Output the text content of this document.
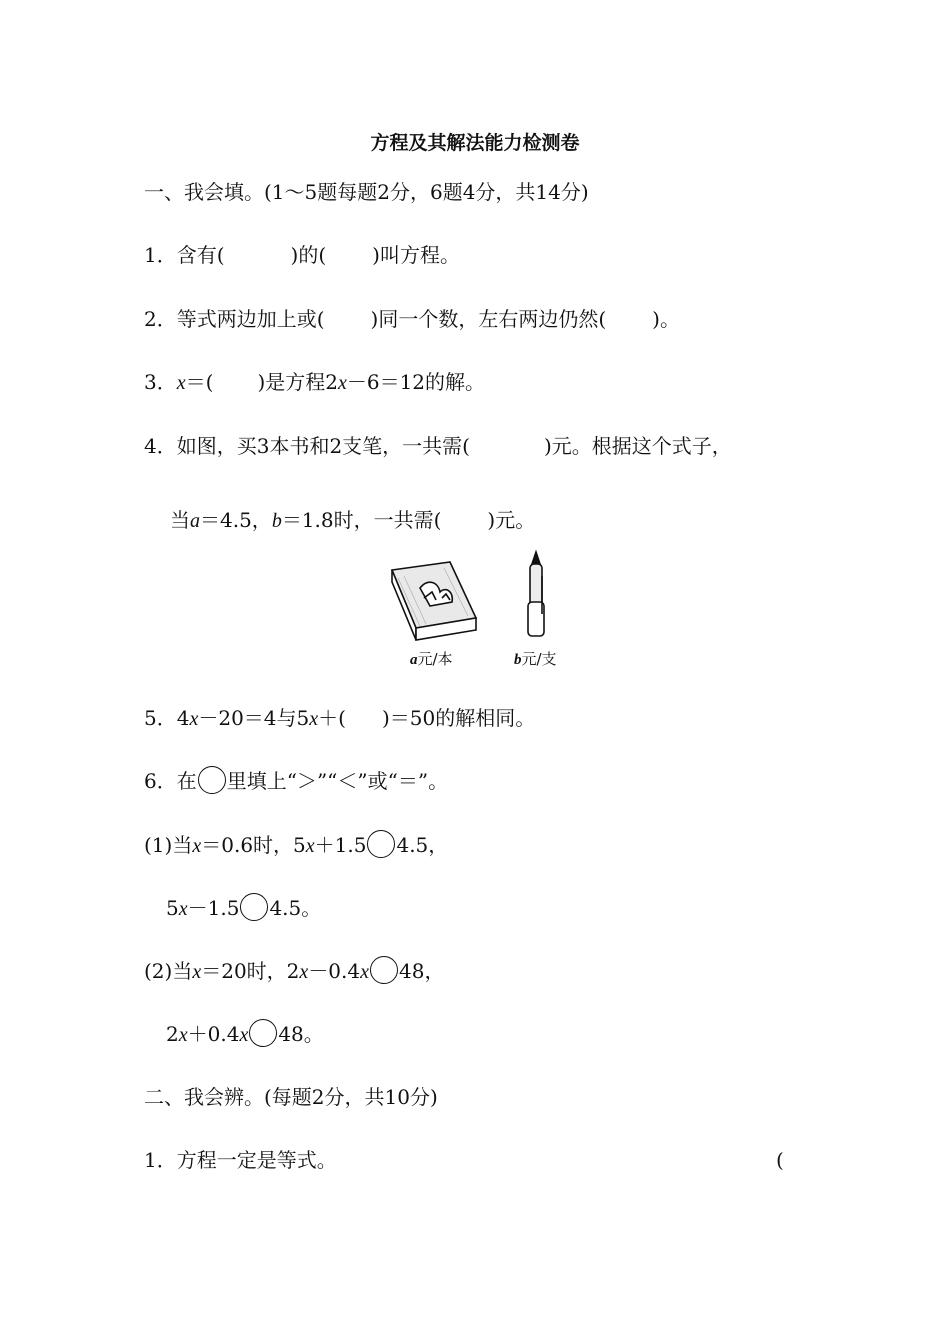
方程及其解法能力检测卷
一、我会填。(1～5题每题2分，6题4分，共14分)
1．含有(	)的( )叫方程。
2．等式两边加上或( )同一个数，左右两边仍然( )。
3．x＝( )是方程2x－6＝12的解。
4．如图，买3本书和2支笔，一共需(	)元。根据这个式子，
当a＝4.5，b＝1.8时，一共需( )元。
a元/本	b元/支
5．4x－20＝4与5x＋( )＝50的解相同。
6．在 里填上“＞”“＜”或“＝”。
(1)当x＝0.6时，5x＋1.5 4.5，
5x－1.5 4.5。
(2)当x＝20时，2x－0.4x 48，
2x＋0.4x 48。
二、我会辨。(每题2分，共10分)
1．方程一定是等式。	(
